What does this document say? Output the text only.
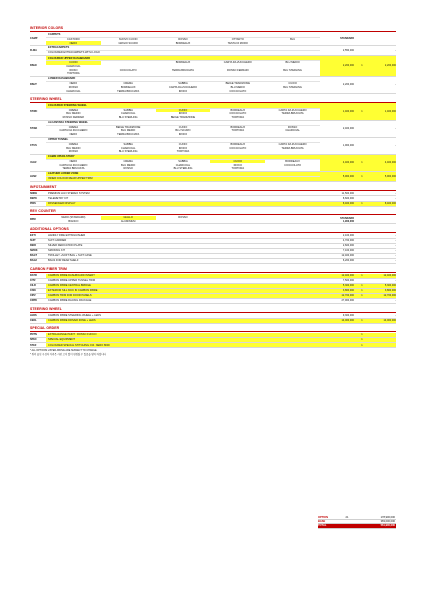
INTERIOR COLORS
CAMP
CARPETS
CASTORO	NUOVO CUOIO	ROSSO	OTTANTO	BLU
NERO	GRIGIO SCURO	BORDEAUX	TESTA DI MORO
STANDARD
FLMA
EXTRACARPETS
COLOURED EXTRACARPETS WITH LOGO
2,550,000	-
DSHC
COLOURED UPPER DASHBOARD
CUOIO	BORDEAUX	CARTA DA ZUCCHERO	BLU MEDIO
CHARCOAL
IROKO	CIOCCOLATO	TERRA BRUCIATA	ROSSO FERRARI	BLU STERLING
TORTORA
2,200,000	1	2,200,000
DSHT
LOWER DASHBOARD
NERO	CREMA	SABBIA	BEIGE TRADIZIONE	CUOIO
ROSSO	BORDEAUX	CARTA DA ZUCCHERO	BLU MEDIO	BLU STERLING
CHARCOAL	TERRA BRUCIATA	IROKO	CIOCCOLATO
2,200,000	-
STEERING WHEEL
STWC
COLOURED STEERING WHEEL
CREMA	SABBIA	CUOIO	BORDEAUX	CARTA DA ZUCCHERO
BLU MEDIO	CHARCOAL	IROKO	CIOCCOLATO	TERRA BRUCIATA
ROSSO FERRARI	BLU STERLING	BEIGE TRADIZIONE	TORTORA
1,400,000	1	1,400,000
STWA
ALCANTARA STEERING WHEEL
CREMA	BEIGE TRADIZIONE	CUOIO	BORDEAUX	ROSSO
CARTA DA ZUCCHERO	BLU MEDIO	BLU SCURO	TORTORA	CHARCOAL
NERO	TERRA BRUCIATA	IROKO
2,400,000	-
CTUS
UPPER TUNNEL
CREMA	SABBIA	CUOIO	BORDEAUX	CARTA DA ZUCCHERO
BLU MEDIO	CHARCOAL	IROKO	CIOCCOLATO	TERRA BRUCIATA
ROSSO	BLU STERLING	TORTORA
1,900,000	-
ULEZ
CABIN UPHOLSTERY
NERO	CREMA	SABBIA	CUOIO	BORDEAUX
CARTA DA ZUCCHERO	BLU MEDIO	CHARCOAL	IROKO	CIOCCOLATO
TERRA BRUCIATA	ROSSO	BLU STERLING	TORTORA
4,400,000	1	4,400,000
LENZ
LEATHER LOWER ZONE
INNER COLOUR REAR UPPER TRIM
5,900,000	1	5,900,000
INFOTAINMENT
SNDH	PREMIUM HI-FI STEREO SYSTEM	11,500,000	-
DEPK	TELEMETRY KIT	8,600,000	-
PDIS	PASSENGER DISPLAY	8,400,000	1	8,400,000
REV COUNTER
RPM
NERO (STANDARD)	GIALLO	ROSSO
BIANCO	ALUMINIUM
STANDARD
1,900,000
ADDITIONAL OPTIONS
EXTI	HANDLY FIRE EXTINGUISHER	2,100,000	-
SUIT	SUIT CARRIER	4,700,000	-
DEDI	SILVER DEDICATION PLATE	2,600,000	-
SMOK	SMOKING KIT	7,100,000	-
BAGT	TROLLEY +SOFT BAG + SUIT CASE	12,400,000	-
BAG2	BAGS FOR REAR SHELF	6,200,000	-
CARBON FIBER TRIM
DATR	CARBON FIBRE DASHBOARD INSERT	12,400,000	1	12,400,000
CITZ	CARBON FIBRE UPPER TUNNEL TRIM	7,500,000	-
CILR	CARBON FIBRE CENTRAL BRIDGE	5,300,000	1	5,300,000
CISK	EXTERIOR SILL KICK IN CARBON FIBRE	3,800,000	1	3,800,000
CIPZ	CARBON TRIM FOR DOOR PANELS	12,700,000	1	12,700,000
CRPK	CARBON FIBRE RACING PACKAGE	27,900,000	-
STEERING WHEEL
LEDS	CARBON FIBRE STEERING WHEEL + LEDS	9,300,000	-
CEDL	CARBON FIBRE DRIVER ZONE + LEDS	14,000,000	1	14,000,000
SPECIAL ORDER
PNTN	EXTRA-RANGE PAINT : ROSSO FUOCO	1
SPEC	SPECIAL EQUIPMENT	1
STEZ	COLOURED SPECIAL STITCHING O.R. NERO 8000	1
* ALL OPTIONS LISTED ABOVE ARE SUBJECT TO CHANGE.
* 위의 옵션 구성과 가격은 사전 고지 없이 변경될 수 있음을 양지 바랍니다
OPTION	21	178,900,000
BASE	383,000,000
TOTAL	561,900,000
